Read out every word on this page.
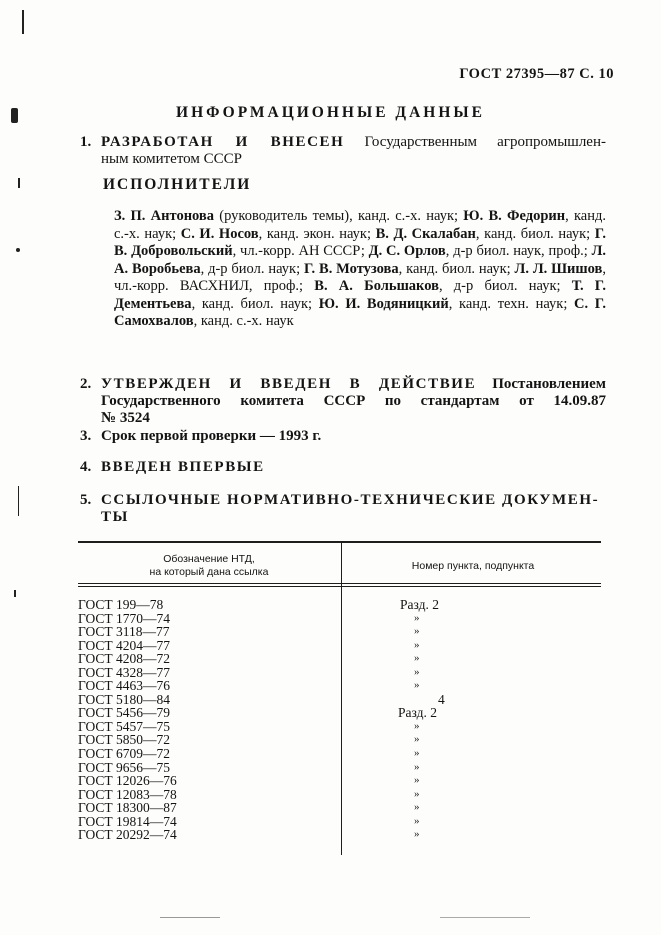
ГОСТ 27395—87 С. 10
ИНФОРМАЦИОННЫЕ ДАННЫЕ
1. РАЗРАБОТАН И ВНЕСЕН Государственным агропромышлен-
ным комитетом СССР
ИСПОЛНИТЕЛИ
З. П. Антонова (руководитель темы), канд. с.-х. наук; Ю. В. Федорин, канд. с.-х. наук; С. И. Носов, канд. экон. наук; В. Д. Скалабан, канд. биол. наук; Г. В. Добровольский, чл.-корр. АН СССР; Д. С. Орлов, д-р биол. наук, проф.; Л. А. Воробьева, д-р биол. наук; Г. В. Мотузова, канд. биол. наук; Л. Л. Шишов, чл.-корр. ВАСХНИЛ, проф.; В. А. Большаков, д-р биол. наук; Т. Г. Дементьева, канд. биол. наук; Ю. И. Водяницкий, канд. техн. наук; С. Г. Самохвалов, канд. с.-х. наук
2. УТВЕРЖДЕН И ВВЕДЕН В ДЕЙСТВИЕ Постановлением
Государственного комитета СССР по стандартам от 14.09.87
№ 3524
3. Срок первой проверки — 1993 г.
4. ВВЕДЕН ВПЕРВЫЕ
5. ССЫЛОЧНЫЕ НОРМАТИВНО-ТЕХНИЧЕСКИЕ ДОКУМЕН-
ТЫ
Обозначение НТД,
на который дана ссылка	Номер пункта, подпункта
ГОСТ 199—78
ГОСТ 1770—74
ГОСТ 3118—77
ГОСТ 4204—77
ГОСТ 4208—72
ГОСТ 4328—77
ГОСТ 4463—76
ГОСТ 5180—84
ГОСТ 5456—79
ГОСТ 5457—75
ГОСТ 5850—72
ГОСТ 6709—72
ГОСТ 9656—75
ГОСТ 12026—76
ГОСТ 12083—78
ГОСТ 18300—87
ГОСТ 19814—74
ГОСТ 20292—74
Разд. 2
»
»
»
»
»
»
4
Разд. 2
»
»
»
»
»
»
»
»
»
